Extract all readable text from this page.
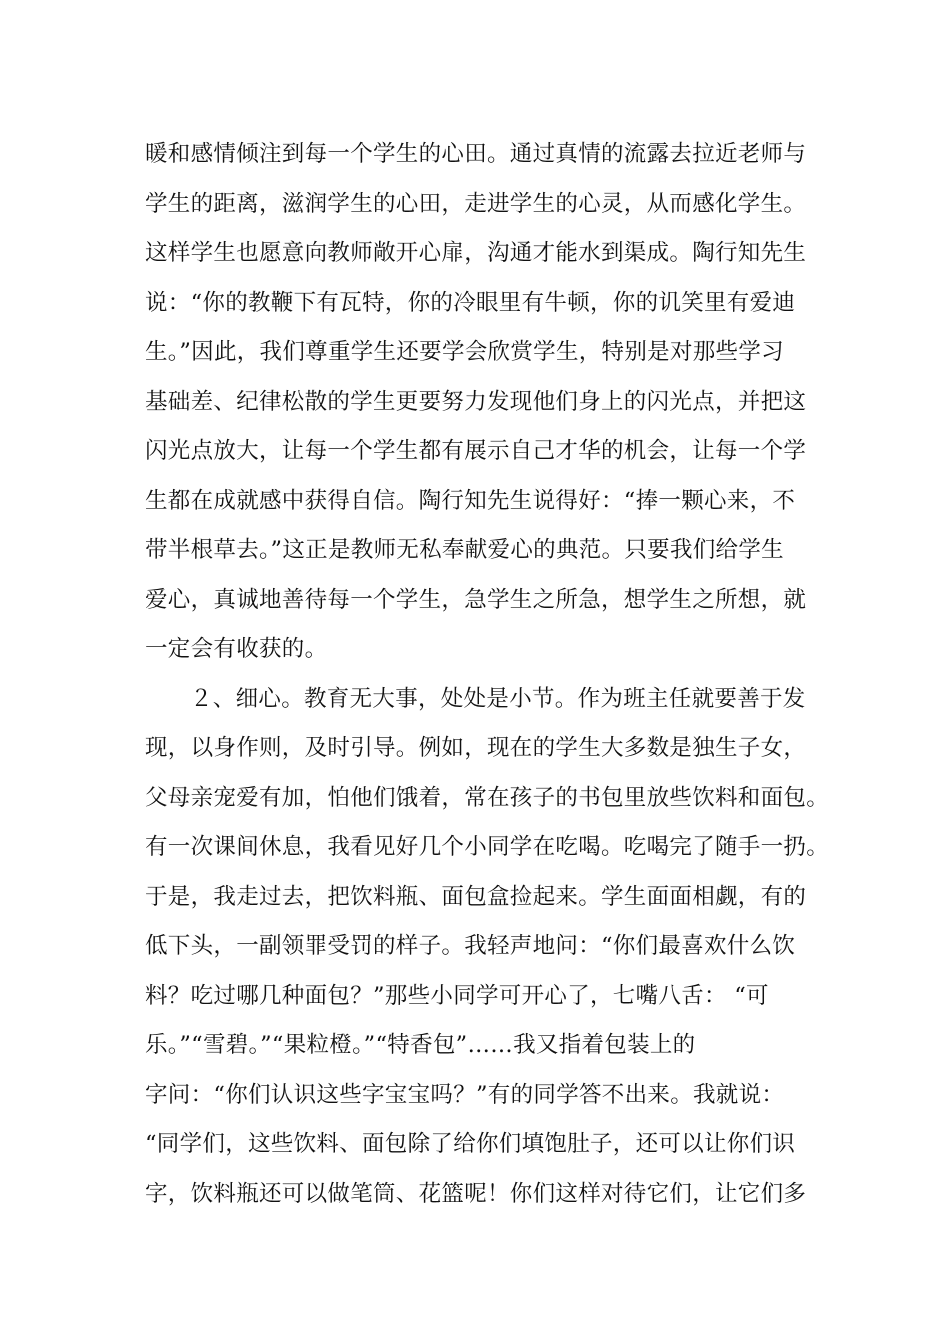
暖和感情倾注到每一个学生的心田。通过真情的流露去拉近老师与
学生的距离，滋润学生的心田，走进学生的心灵，从而感化学生。
这样学生也愿意向教师敞开心扉，沟通才能水到渠成。陶行知先生
说：“你的教鞭下有瓦特，你的冷眼里有牛顿，你的讥笑里有爱迪
生。”因此，我们尊重学生还要学会欣赏学生，特别是对那些学习
基础差、纪律松散的学生更要努力发现他们身上的闪光点，并把这
闪光点放大，让每一个学生都有展示自己才华的机会，让每一个学
生都在成就感中获得自信。陶行知先生说得好：“捧一颗心来，不
带半根草去。”这正是教师无私奉献爱心的典范。只要我们给学生
爱心，真诚地善待每一个学生，急学生之所急，想学生之所想，就
一定会有收获的。
２、细心。教育无大事，处处是小节。作为班主任就要善于发
现，以身作则，及时引导。例如，现在的学生大多数是独生子女，
父母亲宠爱有加，怕他们饿着，常在孩子的书包里放些饮料和面包。
有一次课间休息，我看见好几个小同学在吃喝。吃喝完了随手一扔。
于是，我走过去，把饮料瓶、面包盒捡起来。学生面面相觑，有的
低下头，一副领罪受罚的样子。我轻声地问：“你们最喜欢什么饮
料？吃过哪几种面包？”那些小同学可开心了，七嘴八舌： “可
乐。”“雪碧。”“果粒橙。”“特香包”……我又指着包装上的
字问：“你们认识这些字宝宝吗？”有的同学答不出来。我就说：
“同学们，这些饮料、面包除了给你们填饱肚子，还可以让你们识
字，饮料瓶还可以做笔筒、花篮呢！你们这样对待它们，让它们多
